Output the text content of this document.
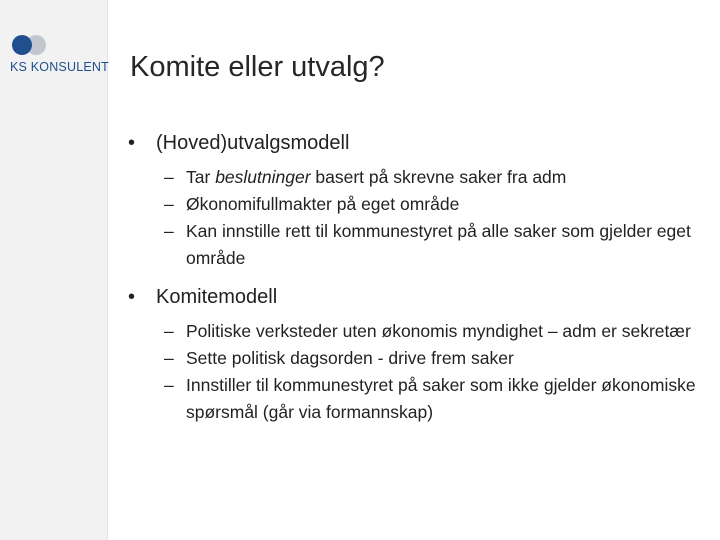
KS KONSULENT Komite eller utvalg?
• (Hoved)utvalgsmodell
– Tar beslutninger basert på skrevne saker fra adm
– Økonomifullmakter på eget område
– Kan innstille rett til kommunestyret på alle saker som gjelder eget område
• Komitemodell
– Politiske verksteder uten økonomis myndighet – adm er sekretær
– Sette politisk dagsorden - drive frem saker
– Innstiller til kommunestyret på saker som ikke gjelder økonomiske spørsmål (går via formannskap)
